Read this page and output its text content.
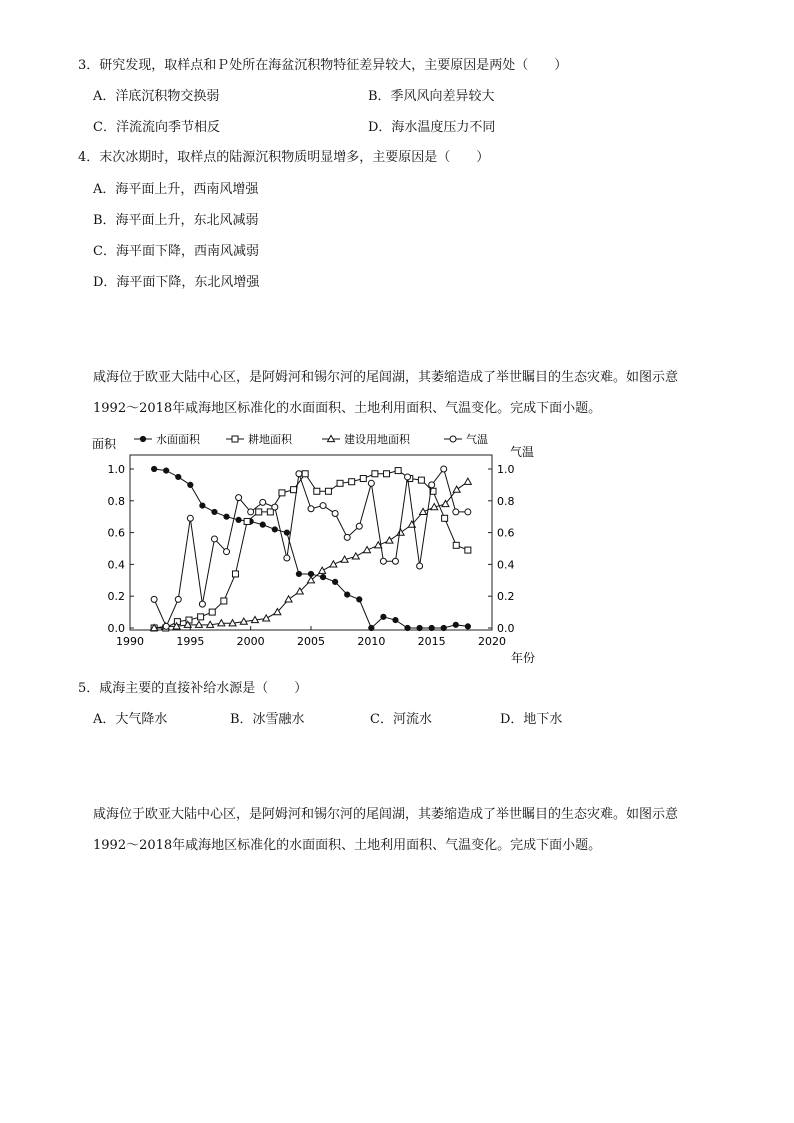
3．研究发现，取样点和Ｐ处所在海盆沉积物特征差异较大，主要原因是两处（　　）
A．洋底沉积物交换弱	B．季风风向差异较大
C．洋流流向季节相反	D．海水温度压力不同
4．末次冰期时，取样点的陆源沉积物质明显增多，主要原因是（　　）
A．海平面上升，西南风增强
B．海平面上升，东北风减弱
C．海平面下降，西南风减弱
D．海平面下降，东北风增强
咸海位于欧亚大陆中心区，是阿姆河和锡尔河的尾闾湖，其萎缩造成了举世瞩目的生态灾难。如图示意
1992～2018年咸海地区标准化的水面面积、土地利用面积、气温变化。完成下面小题。
1990	1995	2000	2005	2010	2015	2020
0.0	0.0
0.2	0.2
0.4	0.4
0.6	0.6
0.8	0.8
1.0	1.0
水面面积	耕地面积	建设用地面积	气温
面积
气温
年份
5．咸海主要的直接补给水源是（　　）
A．大气降水	B．冰雪融水	C．河流水	D．地下水
咸海位于欧亚大陆中心区，是阿姆河和锡尔河的尾闾湖，其萎缩造成了举世瞩目的生态灾难。如图示意
1992～2018年咸海地区标准化的水面面积、土地利用面积、气温变化。完成下面小题。
